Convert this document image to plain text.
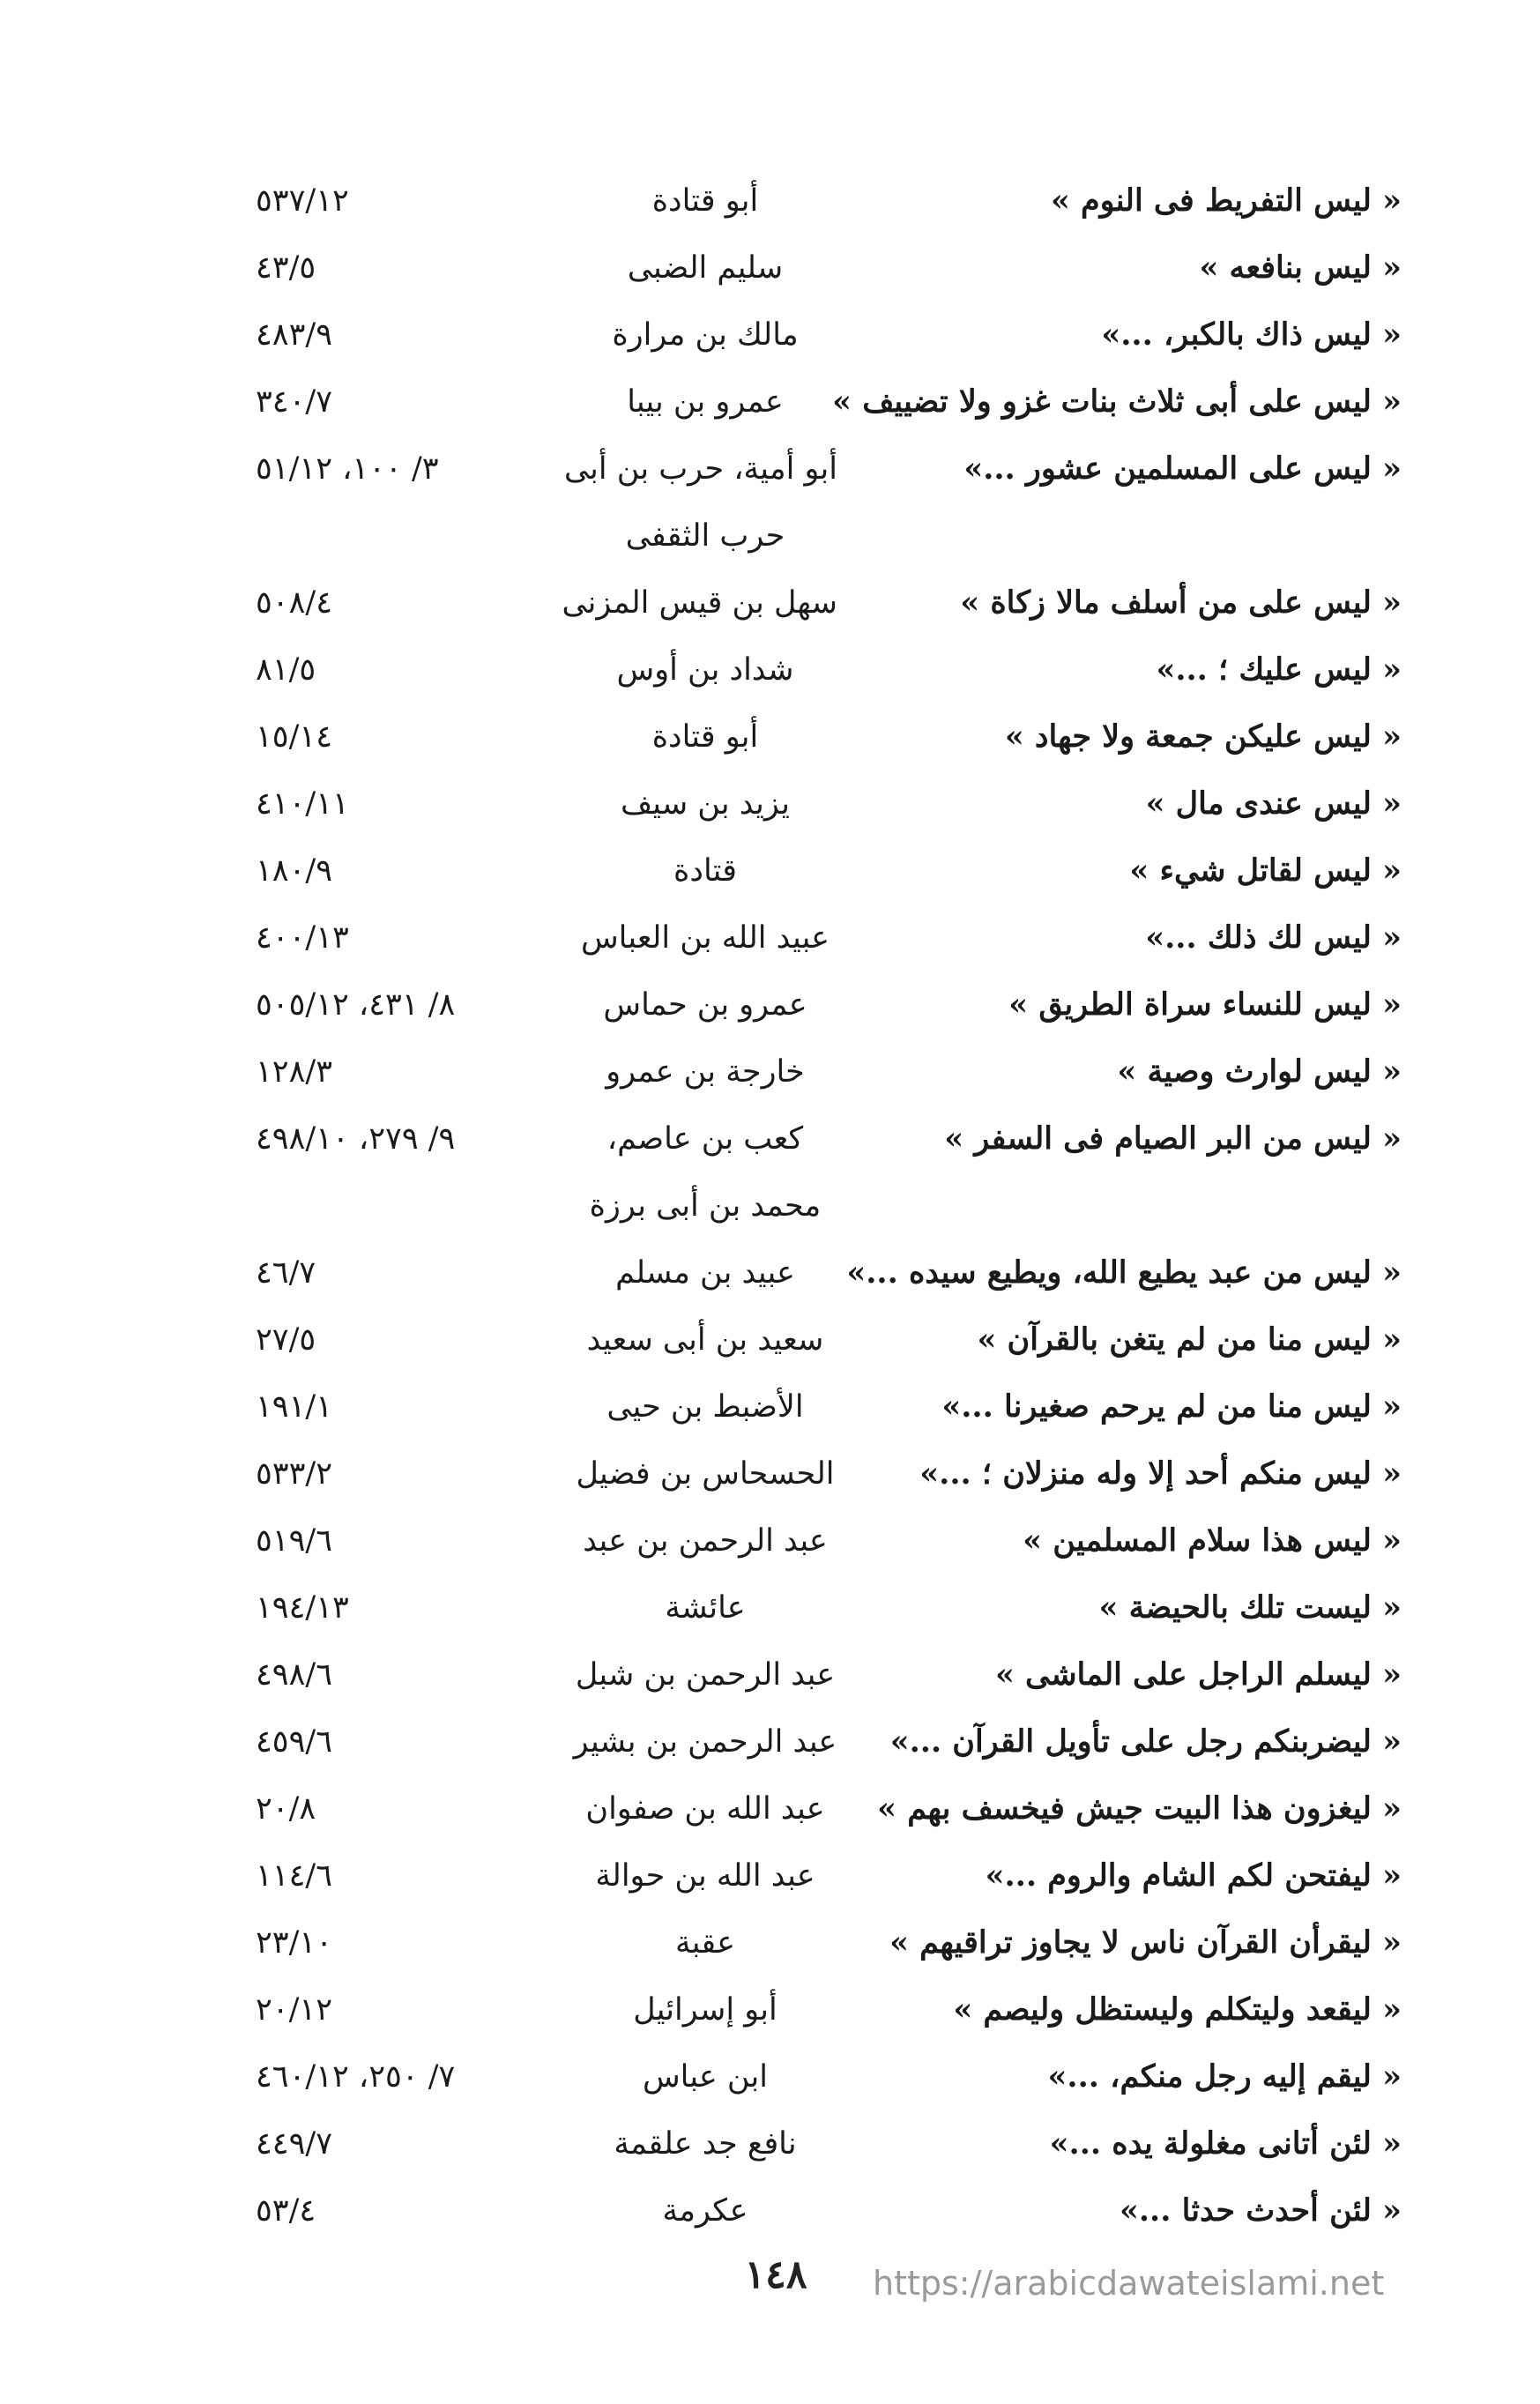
« ليس التفريط فى النوم »
أبو قتادة
٥٣٧/١٢
« ليس بنافعه »
سليم الضبى
٤٣/٥
« ليس ذاك بالكبر، ...»
مالك بن مرارة
٤٨٣/٩
« ليس على أبى ثلاث بنات غزو ولا تضييف »
عمرو بن بيبا
٣٤٠/٧
« ليس على المسلمين عشور ...»
أبو أمية، حرب بن أبى
٣/ ١٠٠، ٥١/١٢
حرب الثقفى
« ليس على من أسلف مالا زكاة »
سهل بن قيس المزنى
٥٠٨/٤
« ليس عليك ؛ ...»
شداد بن أوس
٨١/٥
« ليس عليكن جمعة ولا جهاد »
أبو قتادة
١٥/١٤
« ليس عندى مال »
يزيد بن سيف
٤١٠/١١
« ليس لقاتل شيء »
قتادة
١٨٠/٩
« ليس لك ذلك ...»
عبيد الله بن العباس
٤٠٠/١٣
« ليس للنساء سراة الطريق »
عمرو بن حماس
٨/ ٤٣١، ٥٠٥/١٢
« ليس لوارث وصية »
خارجة بن عمرو
١٢٨/٣
« ليس من البر الصيام فى السفر »
كعب بن عاصم،
٩/ ٢٧٩، ٤٩٨/١٠
محمد بن أبى برزة
« ليس من عبد يطيع الله، ويطيع سيده ...»
عبيد بن مسلم
٤٦/٧
« ليس منا من لم يتغن بالقرآن »
سعيد بن أبى سعيد
٢٧/٥
« ليس منا من لم يرحم صغيرنا ...»
الأضبط بن حيى
١٩١/١
« ليس منكم أحد إلا وله منزلان ؛ ...»
الحسحاس بن فضيل
٥٣٣/٢
« ليس هذا سلام المسلمين »
عبد الرحمن بن عبد
٥١٩/٦
« ليست تلك بالحيضة »
عائشة
١٩٤/١٣
« ليسلم الراجل على الماشى »
عبد الرحمن بن شبل
٤٩٨/٦
« ليضربنكم رجل على تأويل القرآن ...»
عبد الرحمن بن بشير
٤٥٩/٦
« ليغزون هذا البيت جيش فيخسف بهم »
عبد الله بن صفوان
٢٠/٨
« ليفتحن لكم الشام والروم ...»
عبد الله بن حوالة
١١٤/٦
« ليقرأن القرآن ناس لا يجاوز تراقيهم »
عقبة
٢٣/١٠
« ليقعد وليتكلم وليستظل وليصم »
أبو إسرائيل
٢٠/١٢
« ليقم إليه رجل منكم، ...»
ابن عباس
٧/ ٢٥٠، ٤٦٠/١٢
« لئن أتانى مغلولة يده ...»
نافع جد علقمة
٤٤٩/٧
« لئن أحدث حدثا ...»
عكرمة
٥٣/٤
١٤٨	https://arabicdawateislami.net
